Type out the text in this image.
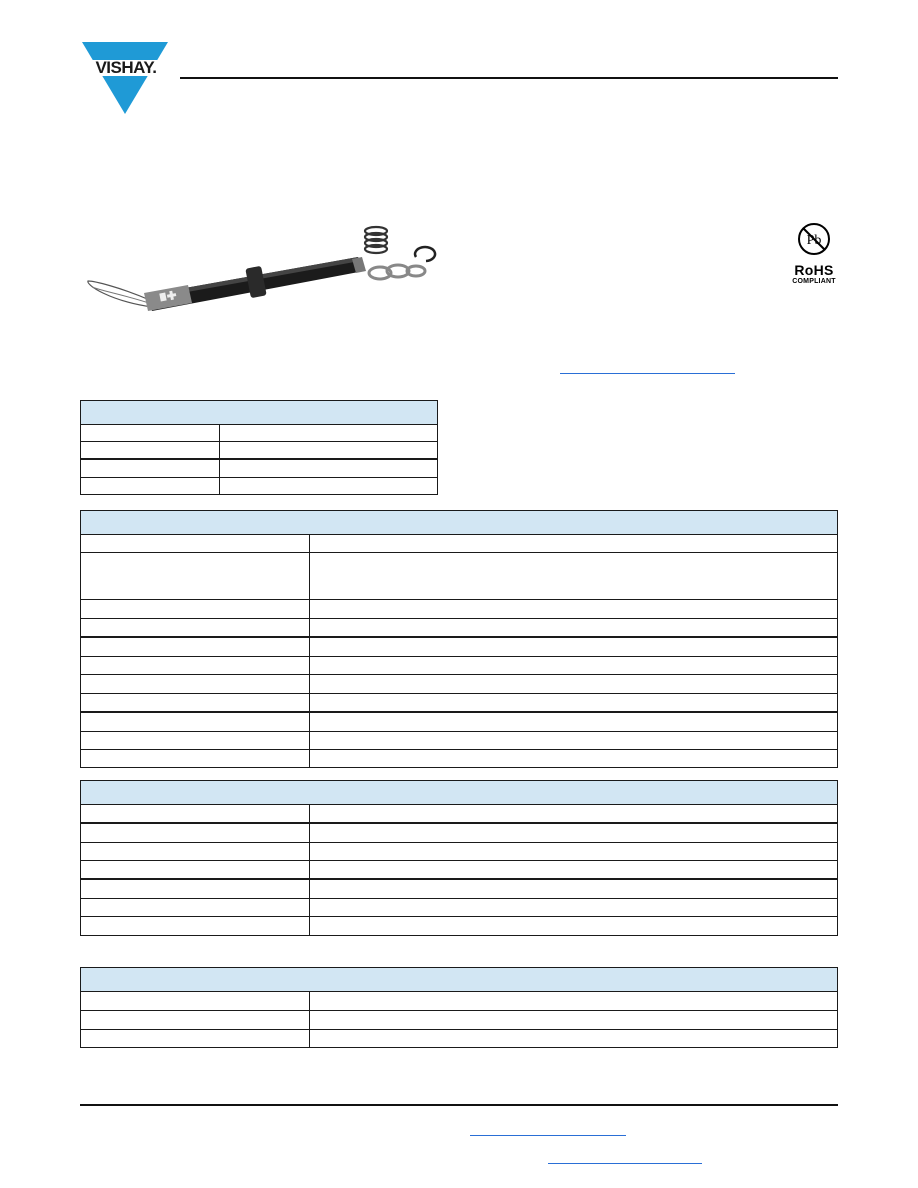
VISHAY.
Pb
RoHS
COMPLIANT
